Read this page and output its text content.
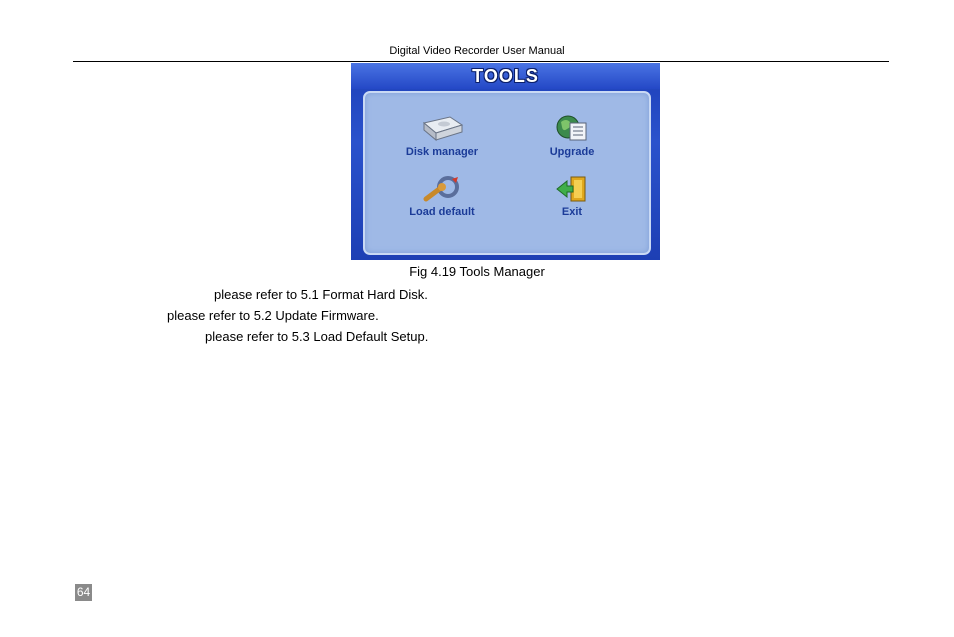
Digital Video Recorder User Manual
TOOLS
Disk manager	Upgrade
Load default	Exit
Fig 4.19 Tools Manager
please refer to 5.1 Format Hard Disk.
please refer to 5.2 Update Firmware.
please refer to 5.3 Load Default Setup.
64
